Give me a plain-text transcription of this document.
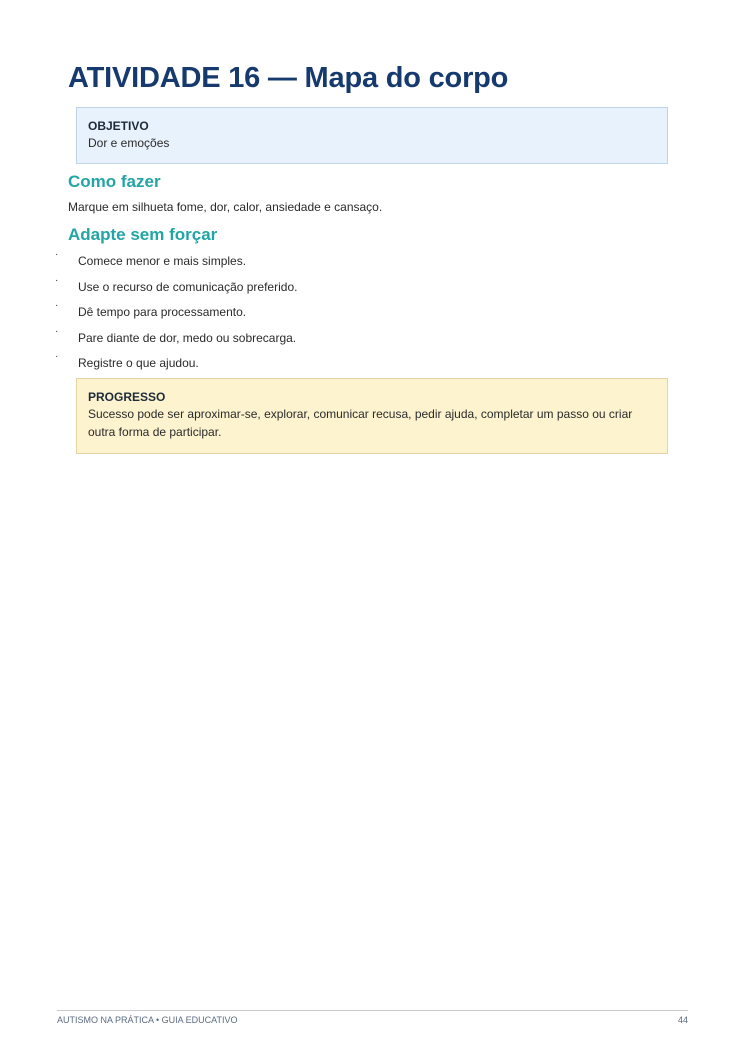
ATIVIDADE 16 — Mapa do corpo
OBJETIVO
Dor e emoções
Como fazer
Marque em silhueta fome, dor, calor, ansiedade e cansaço.
Adapte sem forçar
· Comece menor e mais simples.
· Use o recurso de comunicação preferido.
· Dê tempo para processamento.
· Pare diante de dor, medo ou sobrecarga.
· Registre o que ajudou.
PROGRESSO
Sucesso pode ser aproximar-se, explorar, comunicar recusa, pedir ajuda, completar um passo ou criar outra forma de participar.
AUTISMO NA PRÁTICA • GUIA EDUCATIVO	44
